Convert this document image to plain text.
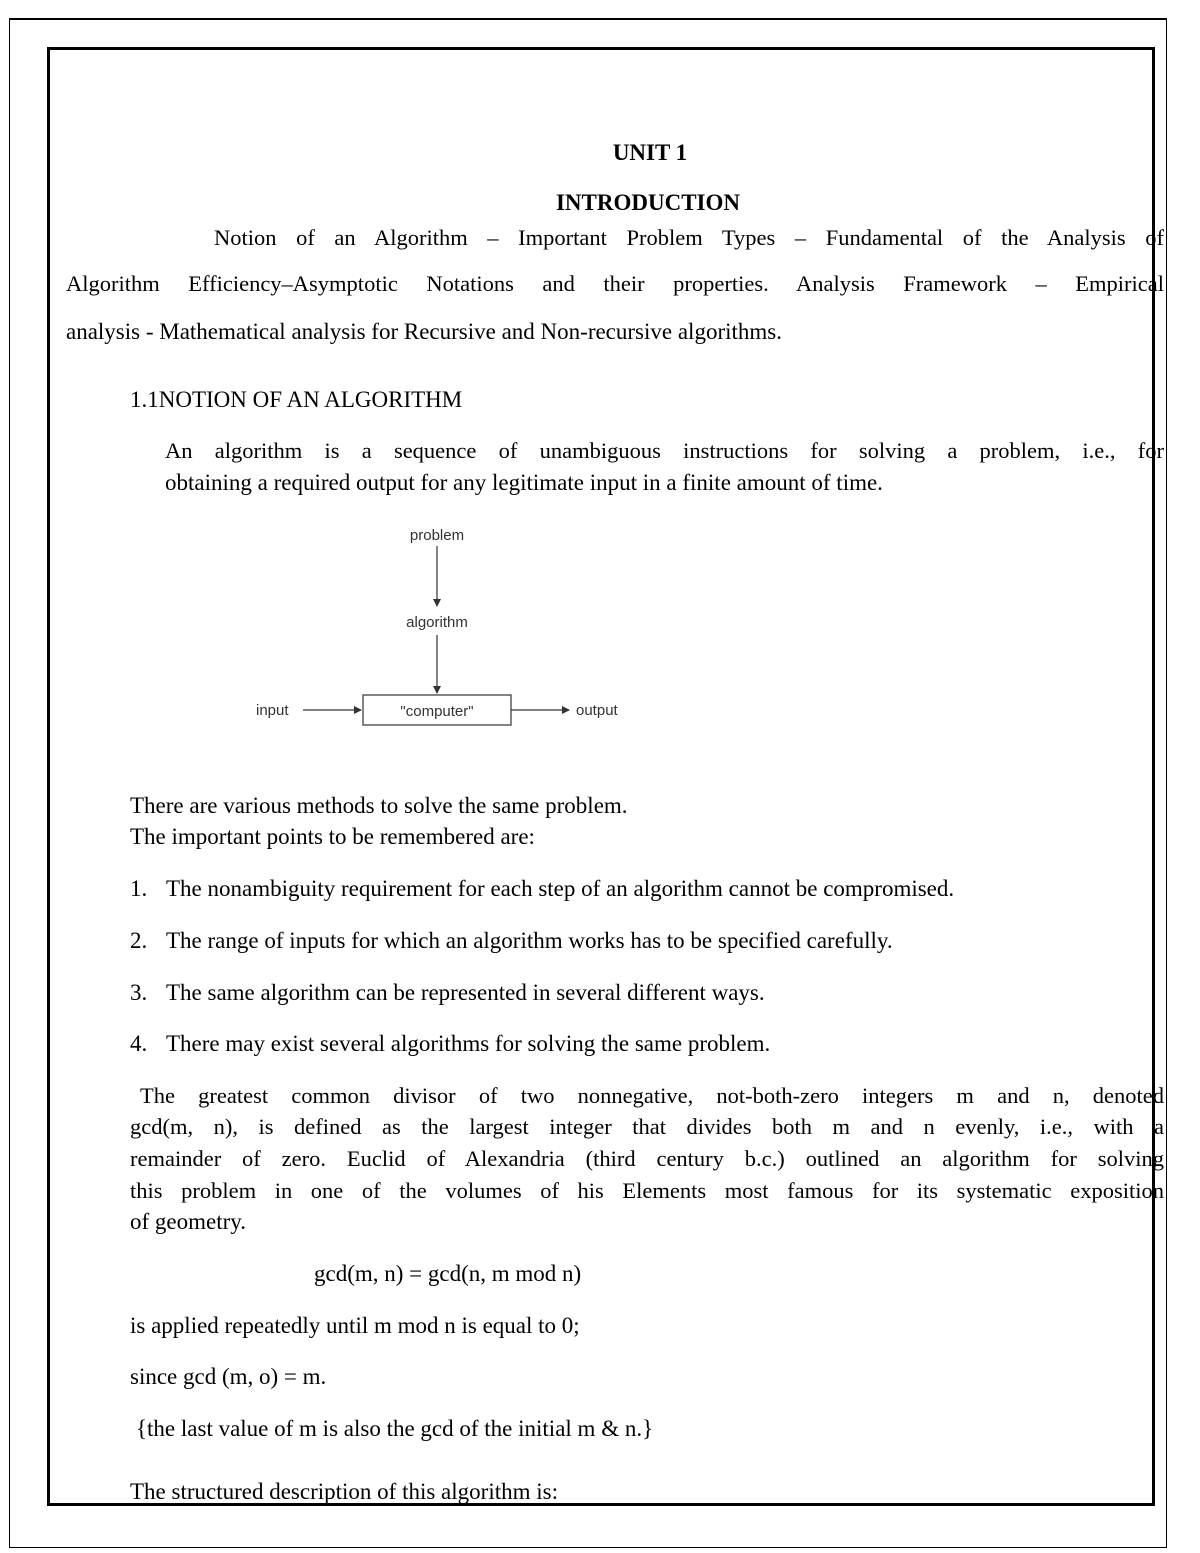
UNIT 1
INTRODUCTION
Notion of an Algorithm – Important Problem Types – Fundamental of the Analysis of
Algorithm Efficiency–Asymptotic Notations and their properties. Analysis Framework – Empirical
analysis - Mathematical analysis for Recursive and Non-recursive algorithms.
1.1NOTION OF AN ALGORITHM
An algorithm is a sequence of unambiguous instructions for solving a problem, i.e., for
obtaining a required output for any legitimate input in a finite amount of time.
problem
algorithm
"computer"
input	output
There are various methods to solve the same problem.
The important points to be remembered are:
1. The nonambiguity requirement for each step of an algorithm cannot be compromised.
2. The range of inputs for which an algorithm works has to be specified carefully.
3. The same algorithm can be represented in several different ways.
4. There may exist several algorithms for solving the same problem.
The greatest common divisor of two nonnegative, not-both-zero integers m and n, denoted
gcd(m, n), is defined as the largest integer that divides both m and n evenly, i.e., with a
remainder of zero. Euclid of Alexandria (third century b.c.) outlined an algorithm for solving
this problem in one of the volumes of his Elements most famous for its systematic exposition
of geometry.
gcd(m, n) = gcd(n, m mod n)
is applied repeatedly until m mod n is equal to 0;
since gcd (m, o) = m.
{the last value of m is also the gcd of the initial m & n.}
The structured description of this algorithm is:
